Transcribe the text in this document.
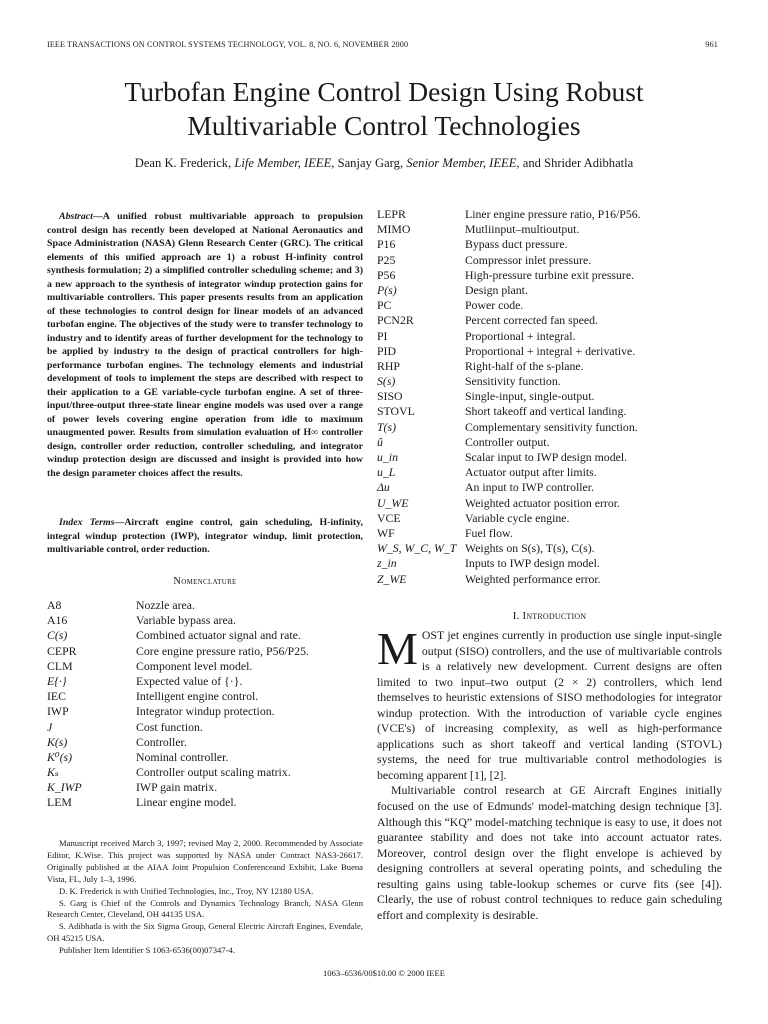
IEEE TRANSACTIONS ON CONTROL SYSTEMS TECHNOLOGY, VOL. 8, NO. 6, NOVEMBER 2000	961
Turbofan Engine Control Design Using Robust
Multivariable Control Technologies
Dean K. Frederick, Life Member, IEEE, Sanjay Garg, Senior Member, IEEE, and Shrider Adibhatla

Abstract—A unified robust multivariable approach to propulsion control design has recently been developed at National Aeronautics and Space Administration (NASA) Glenn Research Center (GRC). The critical elements of this unified approach are 1) a robust H-infinity control synthesis formulation; 2) a simplified controller scheduling scheme; and 3) a new approach to the synthesis of integrator windup protection gains for multivariable controllers. This paper presents results from an application of these technologies to control design for linear models of an advanced turbofan engine. The objectives of the study were to transfer technology to industry and to identify areas of further development for the technology to be applied by industry to the design of practical controllers for high-performance turbofan engines. The technology elements and industrial development of tools to implement the steps are described with respect to their application to a GE variable-cycle turbofan engine. A set of three-input/three-output three-state linear engine models was used over a range of power levels covering engine operation from idle to maximum unaugmented power. Results from simulation evaluation of H∞ controller design, controller order reduction, controller scheduling, and integrator windup protection design are discussed and insight is provided into how the design parameter choices affect the results.

Index Terms—Aircraft engine control, gain scheduling, H-infinity, integral windup protection (IWP), integrator windup, limit protection, multivariable control, order reduction.

Nomenclature
A8	Nozzle area.
A16	Variable bypass area.
C(s)	Combined actuator signal and rate.
CEPR	Core engine pressure ratio, P56/P25.
CLM	Component level model.
E{·}	Expected value of {·}.
IEC	Intelligent engine control.
IWP	Integrator windup protection.
J	Cost function.
K(s)	Controller.
K⁰(s)	Nominal controller.
Kₛ	Controller output scaling matrix.
K_IWP	IWP gain matrix.
LEM	Linear engine model.

Manuscript received March 3, 1997; revised May 2, 2000. Recommended by Associate Editor, K.Wise. This project was supported by NASA under Contract NAS3-26617. Originally published at the AIAA Joint Propulsion Conferenceand Exhibit, Lake Buena Vista, FL, July 1–3, 1996.

D. K. Frederick is with Unified Technologies, Inc., Troy, NY 12180 USA.

S. Garg is Chief of the Controls and Dynamics Technology Branch, NASA Glenn Research Center, Cleveland, OH 44135 USA.

S. Adibhatla is with the Six Sigma Group, General Electric Aircraft Engines, Evendale, OH 45215 USA.

Publisher Item Identifier S 1063-6536(00)07347-4.

LEPR	Liner engine pressure ratio, P16/P56.
MIMO	Mutliinput–multioutput.
P16	Bypass duct pressure.
P25	Compressor inlet pressure.
P56	High-pressure turbine exit pressure.
P(s)	Design plant.
PC	Power code.
PCN2R	Percent corrected fan speed.
PI	Proportional + integral.
PID	Proportional + integral + derivative.
RHP	Right-half of the s-plane.
S(s)	Sensitivity function.
SISO	Single-input, single-output.
STOVL	Short takeoff and vertical landing.
T(s)	Complementary sensitivity function.
û	Controller output.
u_in	Scalar input to IWP design model.
u_L	Actuator output after limits.
Δu	An input to IWP controller.
U_WE	Weighted actuator position error.
VCE	Variable cycle engine.
WF	Fuel flow.
W_S, W_C, W_T Weights on S(s), T(s), C(s).
z_in	Inputs to IWP design model.
Z_WE	Weighted performance error.
I. Introduction

MOST jet engines currently in production use single input-single output (SISO) controllers, and the use of multivariable controls is a relatively new development. Current designs are often limited to two input–two output (2 × 2) controllers, which lend themselves to heuristic extensions of SISO methodologies for integrator windup protection. With the introduction of variable cycle engines (VCE's) of increasing complexity, as well as high-performance applications such as short takeoff and vertical landing (STOVL) systems, the need for true multivariable control methodologies is becoming apparent [1], [2].

Multivariable control research at GE Aircraft Engines initially focused on the use of Edmunds' model-matching design technique [3]. Although this “KQ” model-matching technique is easy to use, it does not guarantee stability and does not take into account actuator rates. Moreover, control design over the flight envelope is achieved by designing controllers at several operating points, and scheduling the resulting gains using table-lookup schemes or curve fits (see [4]). Clearly, the use of robust control techniques to reduce gain scheduling effort and complexity is desirable.

1063–6536/00$10.00 © 2000 IEEE
